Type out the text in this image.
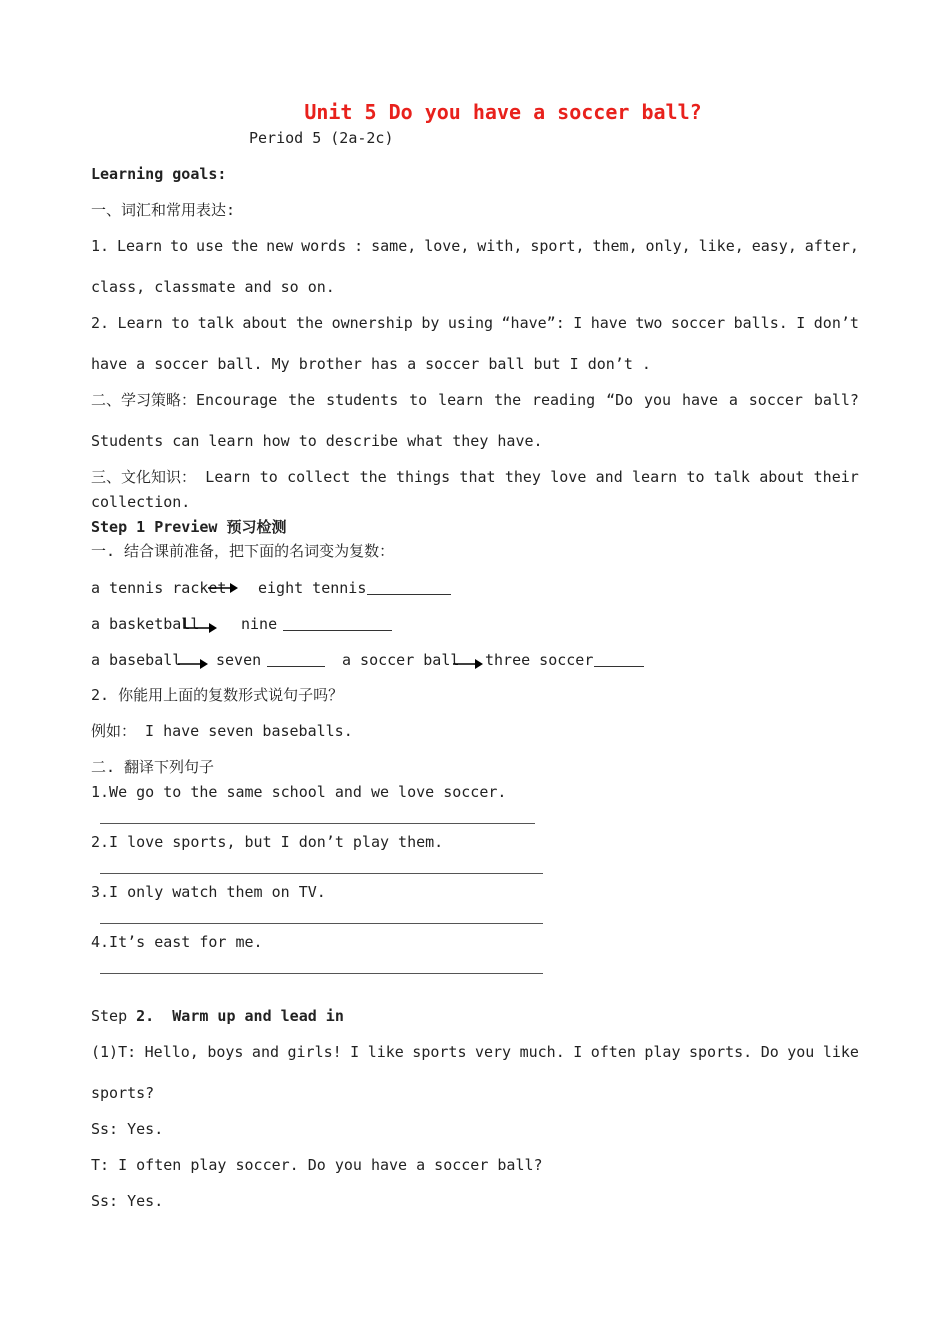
Unit 5 Do you have a soccer ball?
Period 5 (2a-2c)
Learning goals:
一、词汇和常用表达:
1. Learn to use the new words : same, love, with, sport, them, only, like, easy, after,
class, classmate and so on.
2. Learn to talk about the ownership by using “have”: I have two soccer balls. I don’t
have a soccer ball. My brother has a soccer ball but I don’t .
二、学习策略：Encourage the students to learn the reading “Do you have a soccer ball?
Students can learn how to describe what they have.
三、文化知识： Learn to collect the things that they love and learn to talk about their
collection.
Step 1 Preview 预习检测
一. 结合课前准备，把下面的名词变为复数：
a tennis racket eight tennis
a basketball	nine
a baseball seven	a soccer ball three soccer
2. 你能用上面的复数形式说句子吗？
例如： I have seven baseballs.
二. 翻译下列句子
1.We go to the same school and we love soccer.
2.I love sports, but I don’t play them.
3.I only watch them on TV.
4.It’s east for me.
Step 2.  Warm up and lead in
(1)T: Hello, boys and girls! I like sports very much. I often play sports. Do you like
sports?
Ss: Yes.
T: I often play soccer. Do you have a soccer ball?
Ss: Yes.
